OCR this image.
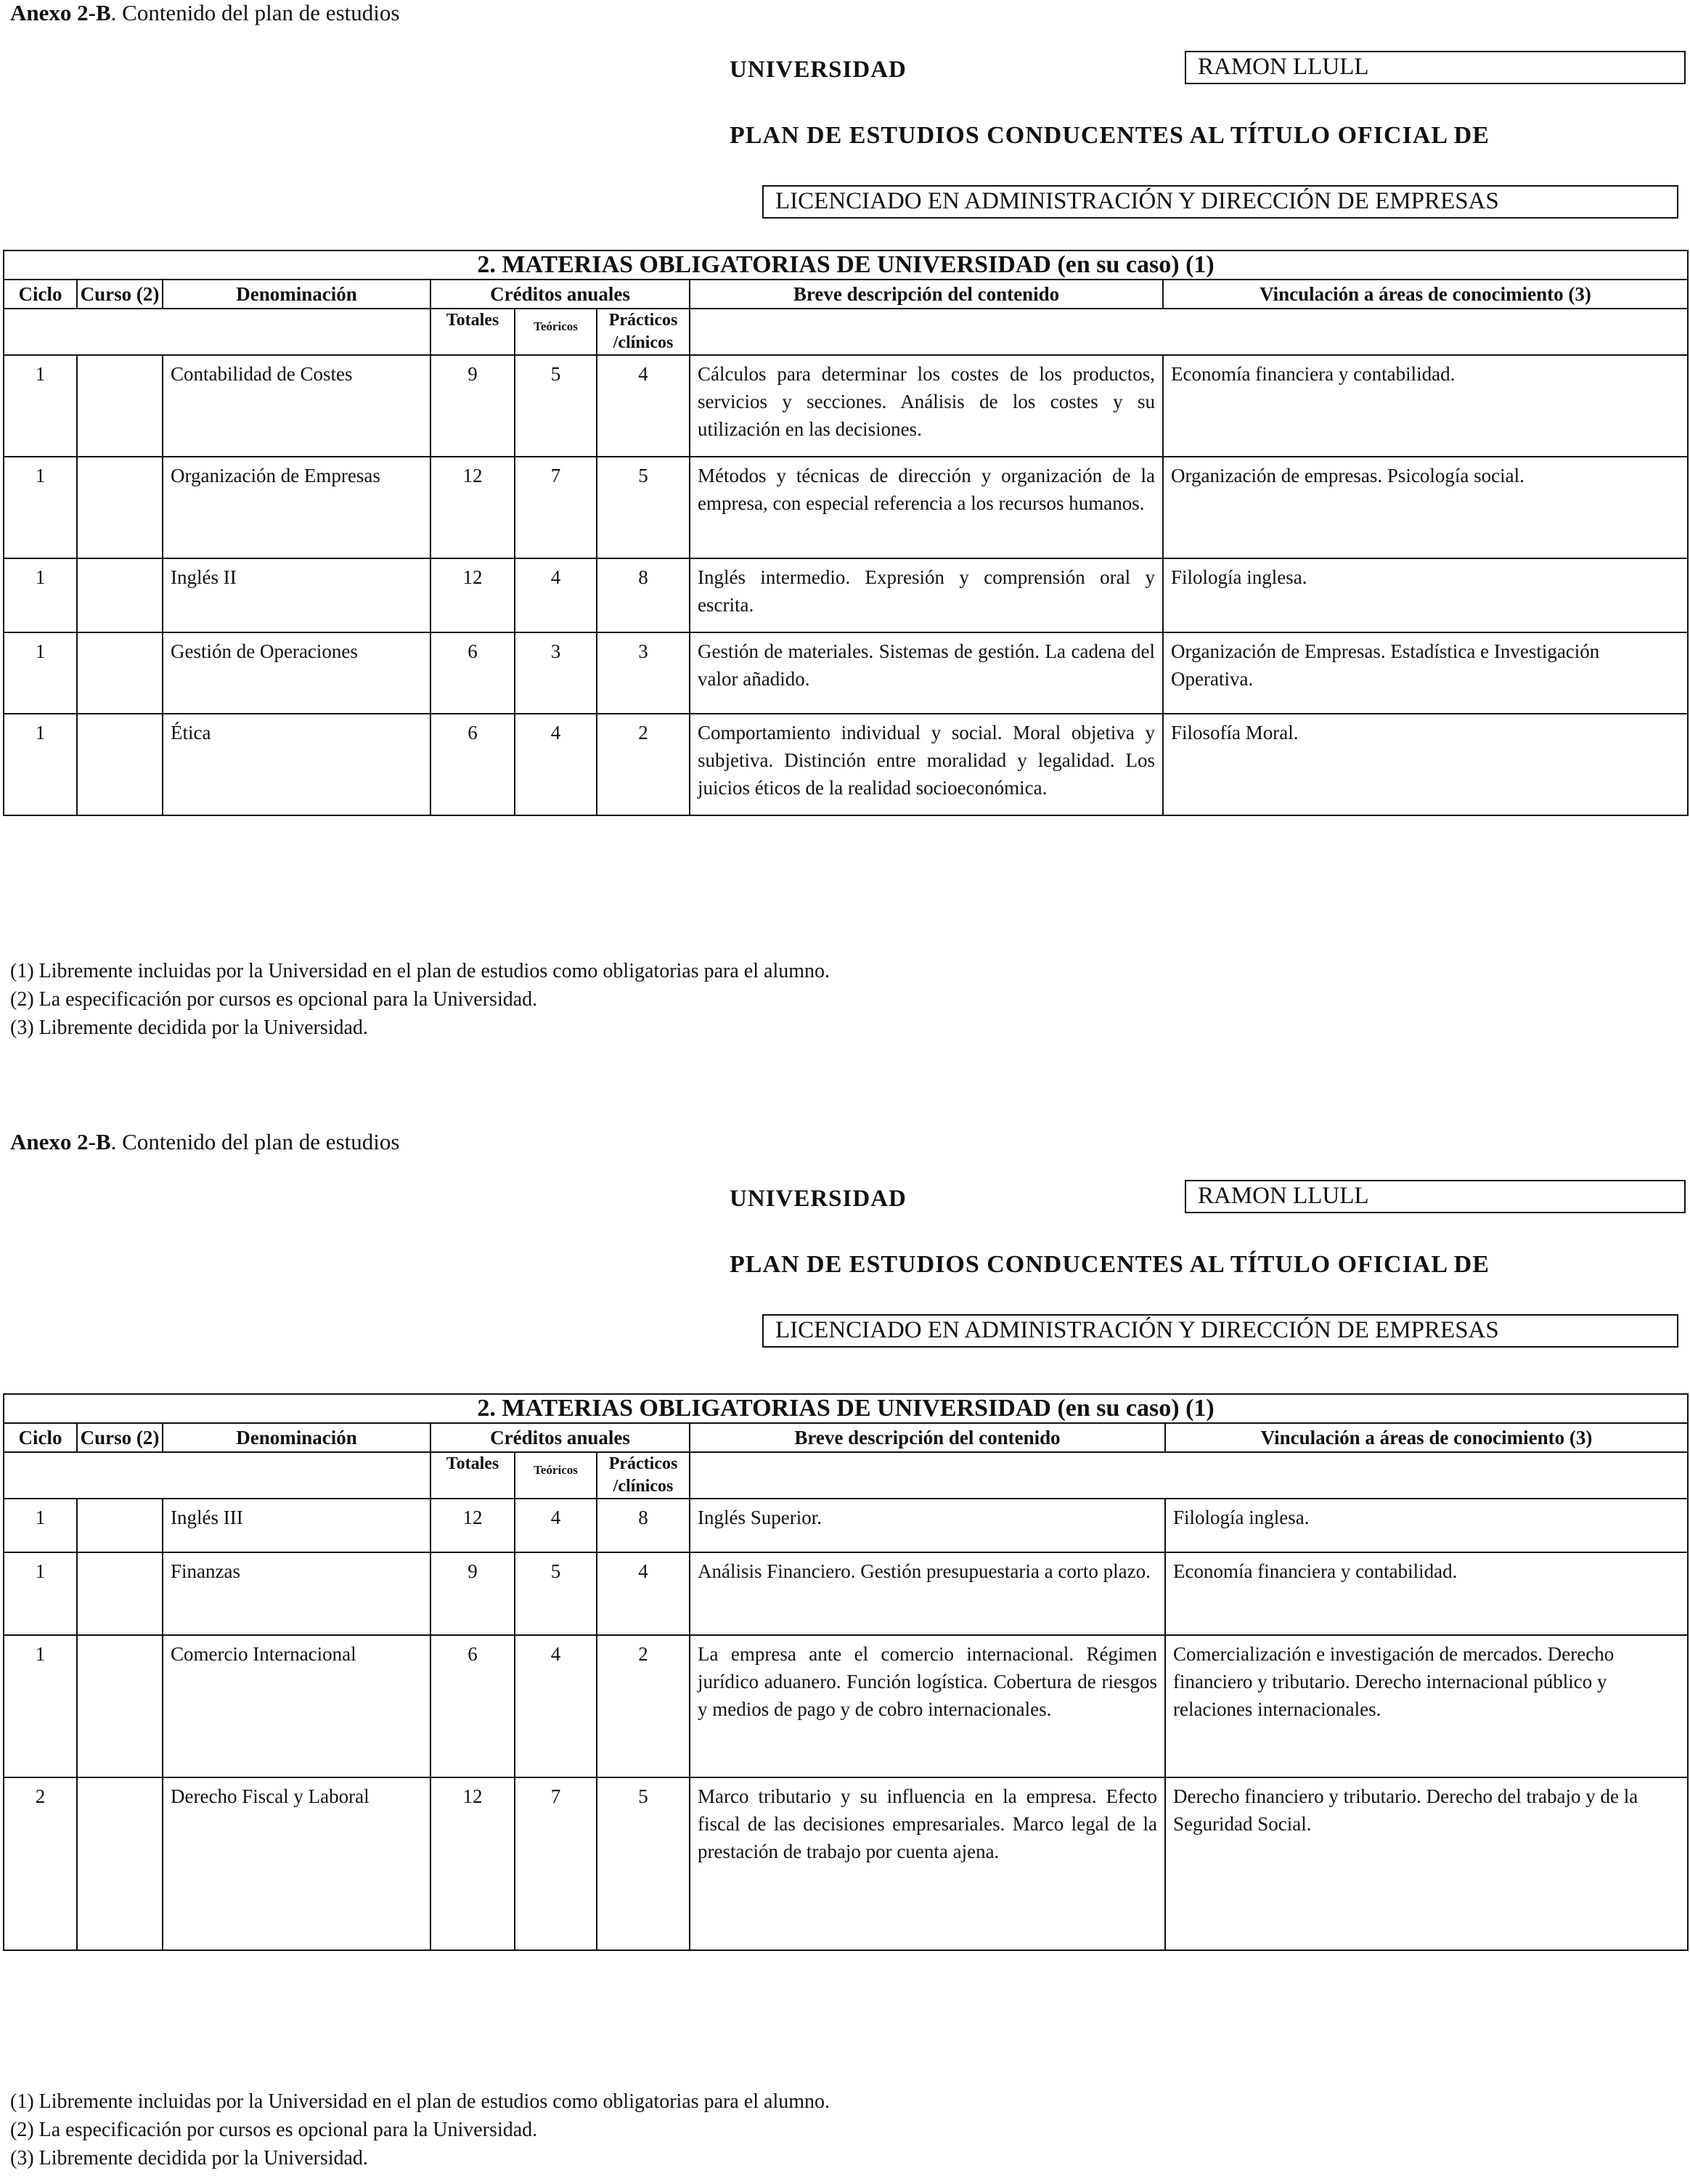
Anexo 2-B. Contenido del plan de estudios
UNIVERSIDAD	RAMON LLULL
PLAN DE ESTUDIOS CONDUCENTES AL TÍTULO OFICIAL DE
LICENCIADO EN ADMINISTRACIÓN Y DIRECCIÓN DE EMPRESAS
2. MATERIAS OBLIGATORIAS DE UNIVERSIDAD (en su caso) (1)							
Ciclo	Curso (2)	Denominación	Créditos anuales			Breve descripción del contenido	Vinculación a áreas de conocimiento (3)
			Totales	Teóricos	Prácticos /clínicos		
1		Contabilidad de Costes	9	5	4	Cálculos para determinar los costes de los productos, servicios y secciones. Análisis de los costes y su utilización en las decisiones.	Economía financiera y contabilidad.
1		Organización de Empresas	12	7	5	Métodos y técnicas de dirección y organización de la empresa, con especial referencia a los recursos humanos.	Organización de empresas. Psicología social.
1		Inglés II	12	4	8	Inglés intermedio. Expresión y comprensión oral y escrita.	Filología inglesa.
1		Gestión de Operaciones	6	3	3	Gestión de materiales. Sistemas de gestión. La cadena del valor añadido.	Organización de Empresas. Estadística e Investigación Operativa.
1		Ética	6	4	2	Comportamiento individual y social. Moral objetiva y subjetiva. Distinción entre moralidad y legalidad. Los juicios éticos de la realidad socioeconómica.	Filosofía Moral.
(1) Libremente incluidas por la Universidad en el plan de estudios como obligatorias para el alumno.
(2) La especificación por cursos es opcional para la Universidad.
(3) Libremente decidida por la Universidad.
Anexo 2-B. Contenido del plan de estudios
UNIVERSIDAD	RAMON LLULL
PLAN DE ESTUDIOS CONDUCENTES AL TÍTULO OFICIAL DE
LICENCIADO EN ADMINISTRACIÓN Y DIRECCIÓN DE EMPRESAS
2. MATERIAS OBLIGATORIAS DE UNIVERSIDAD (en su caso) (1)							
Ciclo	Curso (2)	Denominación	Créditos anuales			Breve descripción del contenido	Vinculación a áreas de conocimiento (3)
			Totales	Teóricos	Prácticos /clínicos		
1		Inglés III	12	4	8	Inglés Superior.	Filología inglesa.
1		Finanzas	9	5	4	Análisis Financiero. Gestión presupuestaria a corto plazo.	Economía financiera y contabilidad.
1		Comercio Internacional	6	4	2	La empresa ante el comercio internacional. Régimen jurídico aduanero. Función logística. Cobertura de riesgos y medios de pago y de cobro internacionales.	Comercialización e investigación de mercados. Derecho financiero y tributario. Derecho internacional público y relaciones internacionales.
2		Derecho Fiscal y Laboral	12	7	5	Marco tributario y su influencia en la empresa. Efecto fiscal de las decisiones empresariales. Marco legal de la prestación de trabajo por cuenta ajena.	Derecho financiero y tributario. Derecho del trabajo y de la Seguridad Social.
(1) Libremente incluidas por la Universidad en el plan de estudios como obligatorias para el alumno.
(2) La especificación por cursos es opcional para la Universidad.
(3) Libremente decidida por la Universidad.
